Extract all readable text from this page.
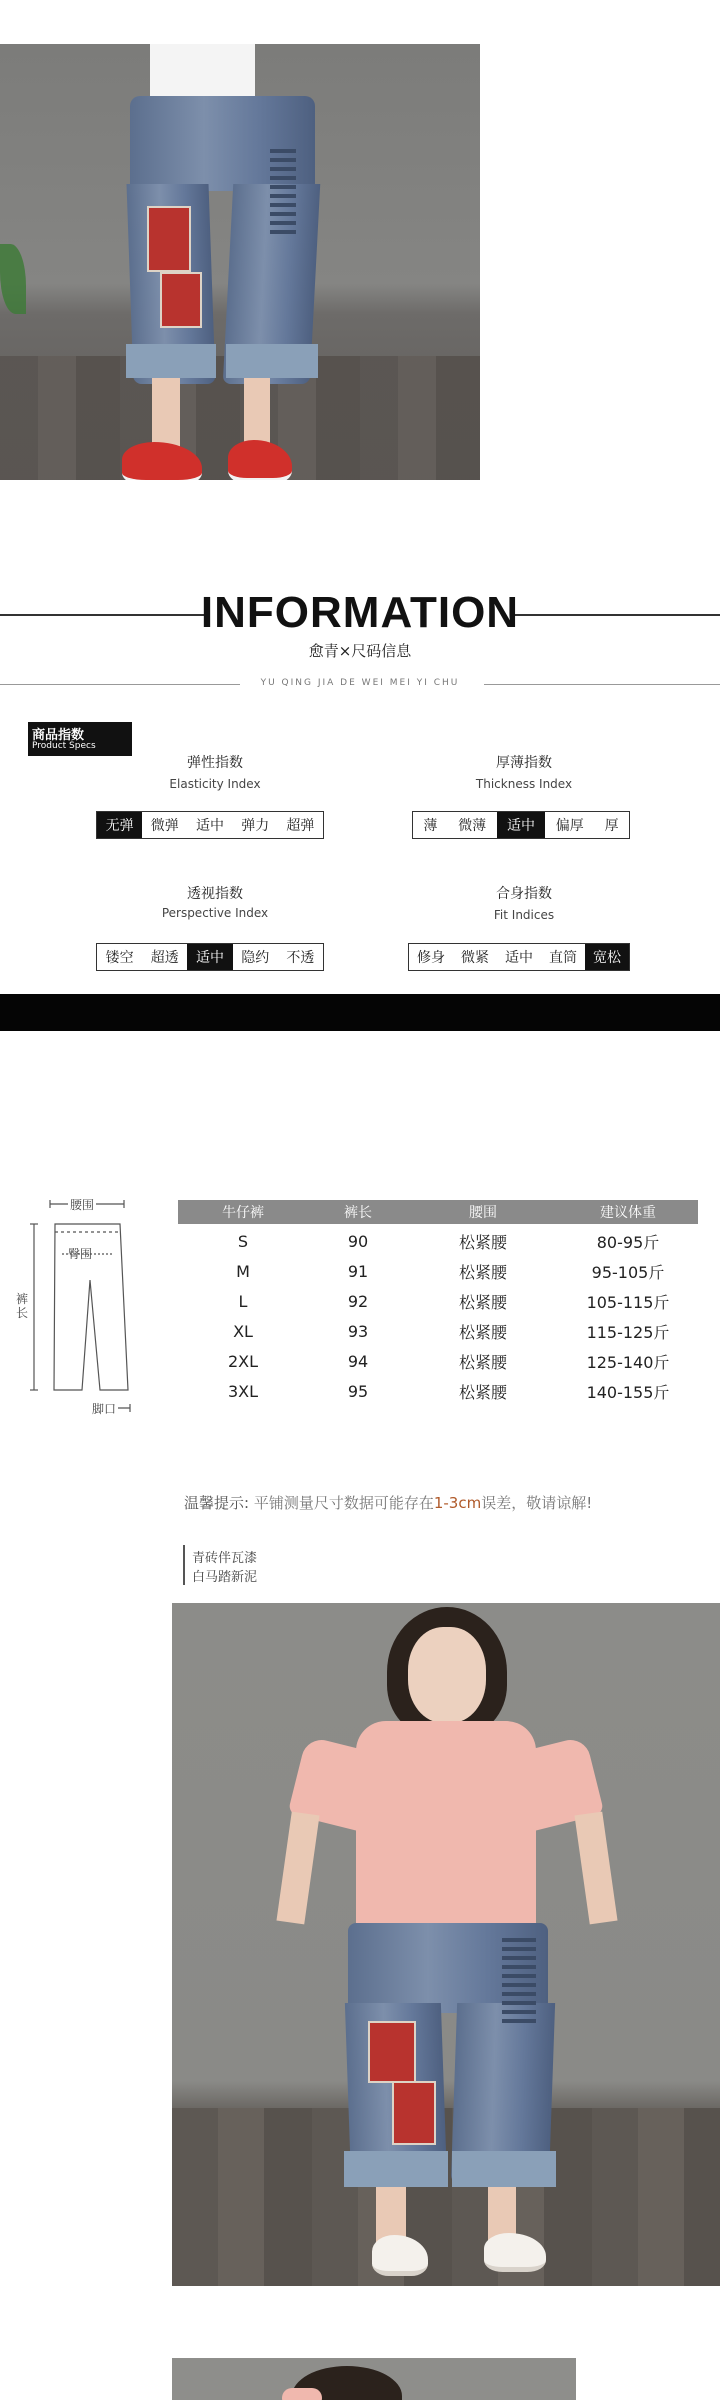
INFORMATION
愈青×尺码信息
YU QING JIA DE WEI MEI YI CHU
商品指数
Product Specs
弹性指数
Elasticity Index
无弹	微弹	适中	弹力	超弹
厚薄指数
Thickness Index
薄	微薄	适中	偏厚	厚
透视指数
Perspective Index
镂空	超透	适中	隐约	不透
合身指数
Fit Indices
修身	微紧	适中	直筒	宽松
腰围
臀围
裤长
脚口
牛仔裤	裤长	腰围	建议体重
S	90	松紧腰	80-95斤
M	91	松紧腰	95-105斤
L	92	松紧腰	105-115斤
XL	93	松紧腰	115-125斤
2XL	94	松紧腰	125-140斤
3XL	95	松紧腰	140-155斤
温馨提示: 平铺测量尺寸数据可能存在1-3cm误差，敬请谅解!
青砖伴瓦漆
白马踏新泥
